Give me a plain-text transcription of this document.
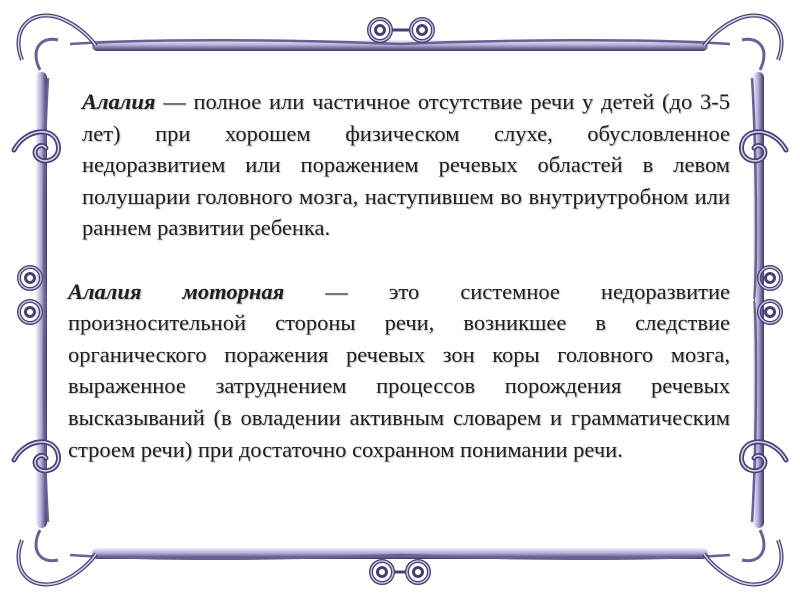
Алалия — полное или частичное отсутствие речи у детей (до 3-5 лет) при хорошем физическом слухе, обусловленное недоразвитием или поражением речевых областей в левом полушарии головного мозга, наступившем во внутриутробном или раннем развитии ребенка.

Алалия моторная — это системное недоразвитие произносительной стороны речи, возникшее в следствие органического поражения речевых зон коры головного мозга, выраженное затруднением процессов порождения речевых высказываний (в овладении активным словарем и грамматическим строем речи) при достаточно сохранном понимании речи.
